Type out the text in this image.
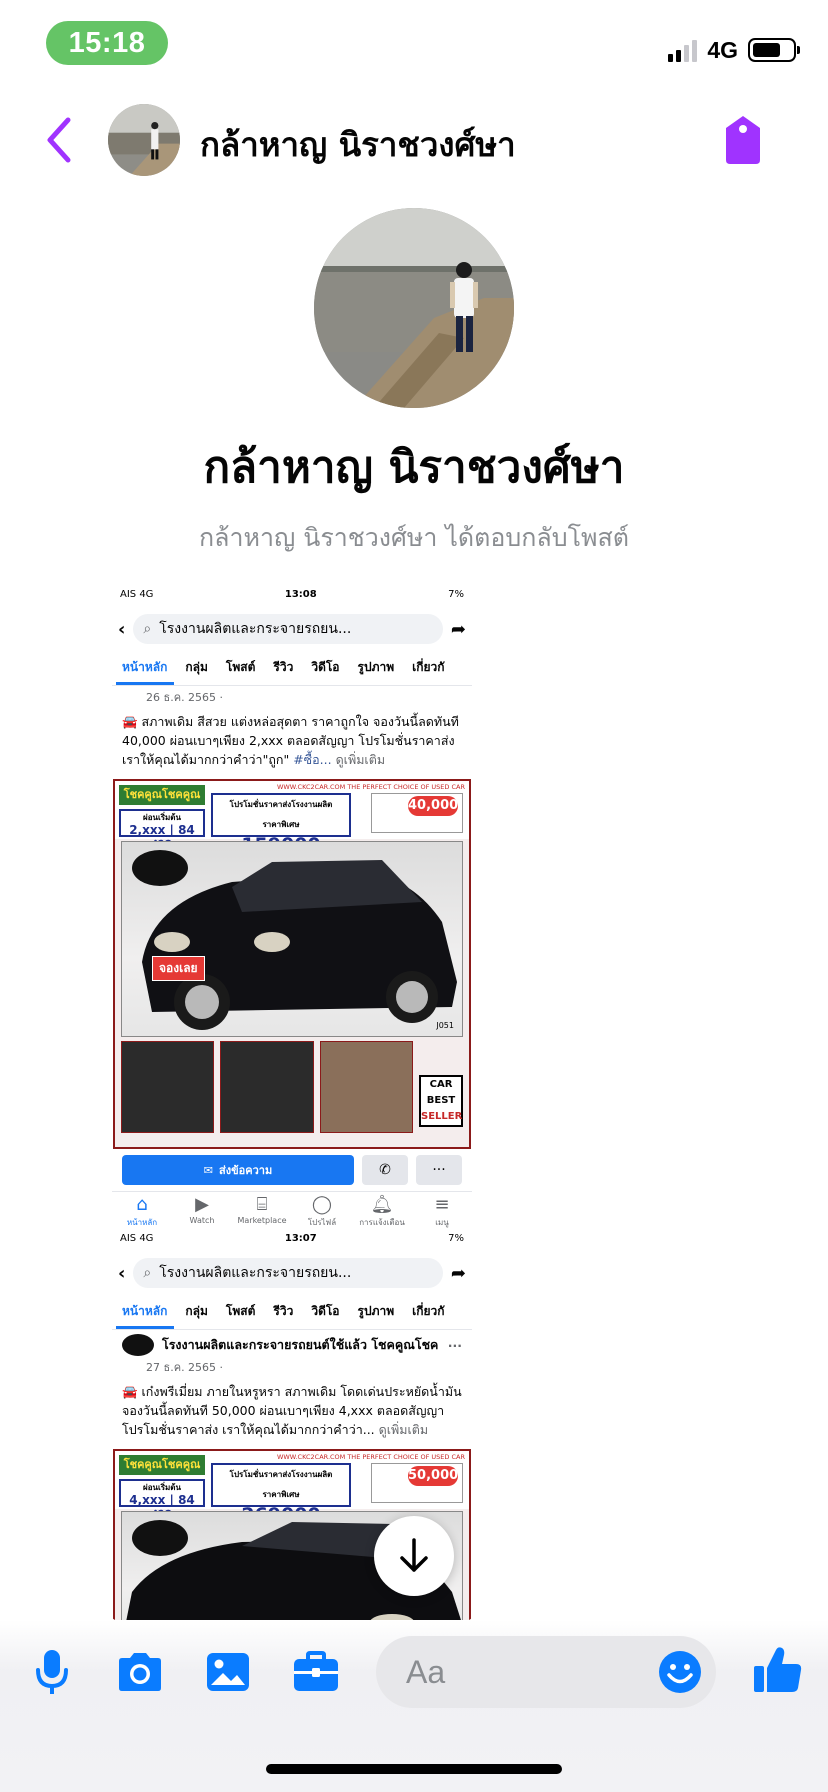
15:18	4G
กล้าหาญ นิราชวงศ์ษา
กล้าหาญ นิราชวงศ์ษา
กล้าหาญ นิราชวงศ์ษา ได้ตอบกลับโพสต์
AIS 4G	13:08	7%
‹ ⌕ โรงงานผลิตและกระจายรถยน...	➦
หน้าหลัก กลุ่ม โพสต์ รีวิว วิดีโอ รูปภาพ เกี่ยวกั
26 ธ.ค. 2565 ·
🚘 สภาพเดิม สีสวย แต่งหล่อสุดตา ราคาถูกใจ จองวันนี้ลดทันที 40,000 ผ่อนเบาๆเพียง 2,xxx ตลอดสัญญา โปรโมชั่นราคาส่ง เราให้คุณได้มากกว่าคำว่า"ถูก" #ซื้อ... ดูเพิ่มเติม
โชคคูณโชคคูณ
WWW.CKC2CAR.COM THE PERFECT CHOICE OF USED CAR
ผ่อนเริ่มต้น
2,xxx | 84
โปรโมชั่นราคาส่งโรงงานผลิต
ราคาพิเศษ
40,000
จองเลย
J051
CAR
BEST
SELLER
✉ ส่งข้อความ	✆	···
⌂
หน้าหลัก
▶
Watch
⌸
Marketplace
◯
โปรไฟล์
🔔︎
การแจ้งเตือน
≡
เมนู
AIS 4G	13:07	7%
‹ ⌕ โรงงานผลิตและกระจายรถยน...	➦
หน้าหลัก กลุ่ม โพสต์ รีวิว วิดีโอ รูปภาพ เกี่ยวกั
โรงงานผลิตและกระจายรถยนต์ใช้แล้ว โชคคูณโชค ···
27 ธ.ค. 2565 ·
🚘 เก๋งพรีเมี่ยม ภายในหรูหรา สภาพเดิม โดดเด่นประหยัดน้ำมัน จองวันนี้ลดทันที 50,000 ผ่อนเบาๆเพียง 4,xxx ตลอดสัญญา โปรโมชั่นราคาส่ง เราให้คุณได้มากกว่าคำว่า... ดูเพิ่มเติม
โชคคูณโชคคูณ
WWW.CKC2CAR.COM THE PERFECT CHOICE OF USED CAR
ผ่อนเริ่มต้น
4,xxx | 84
โปรโมชั่นราคาส่งโรงงานผลิต
ราคาพิเศษ
50,000
Aa
